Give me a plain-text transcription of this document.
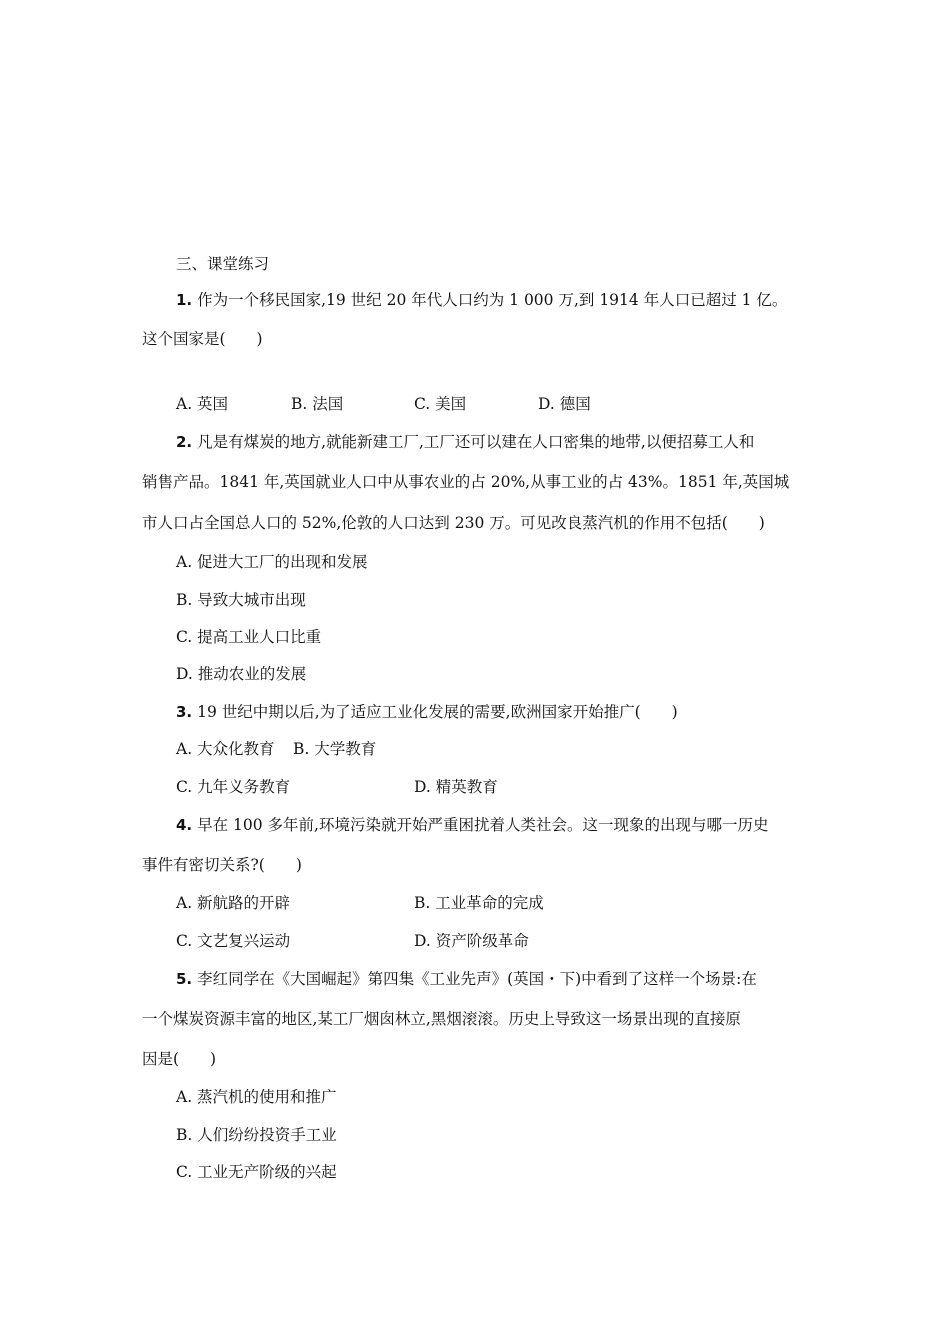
三、课堂练习
1. 作为一个移民国家,19 世纪 20 年代人口约为 1 000 万,到 1914 年人口已超过 1 亿。
这个国家是(　　)
A. 英国	B. 法国	C. 美国	D. 德国
2. 凡是有煤炭的地方,就能新建工厂,工厂还可以建在人口密集的地带,以便招募工人和
销售产品。1841 年,英国就业人口中从事农业的占 20%,从事工业的占 43%。1851 年,英国城
市人口占全国总人口的 52%,伦敦的人口达到 230 万。可见改良蒸汽机的作用不包括(　　)
A. 促进大工厂的出现和发展
B. 导致大城市出现
C. 提高工业人口比重
D. 推动农业的发展
3. 19 世纪中期以后,为了适应工业化发展的需要,欧洲国家开始推广(　　)
A. 大众化教育 B. 大学教育
C. 九年义务教育	D. 精英教育
4. 早在 100 多年前,环境污染就开始严重困扰着人类社会。这一现象的出现与哪一历史
事件有密切关系?(　　)
A. 新航路的开辟	B. 工业革命的完成
C. 文艺复兴运动	D. 资产阶级革命
5. 李红同学在《大国崛起》第四集《工业先声》(英国・下)中看到了这样一个场景:在
一个煤炭资源丰富的地区,某工厂烟囱林立,黑烟滚滚。历史上导致这一场景出现的直接原
因是(　　)
A. 蒸汽机的使用和推广
B. 人们纷纷投资手工业
C. 工业无产阶级的兴起
